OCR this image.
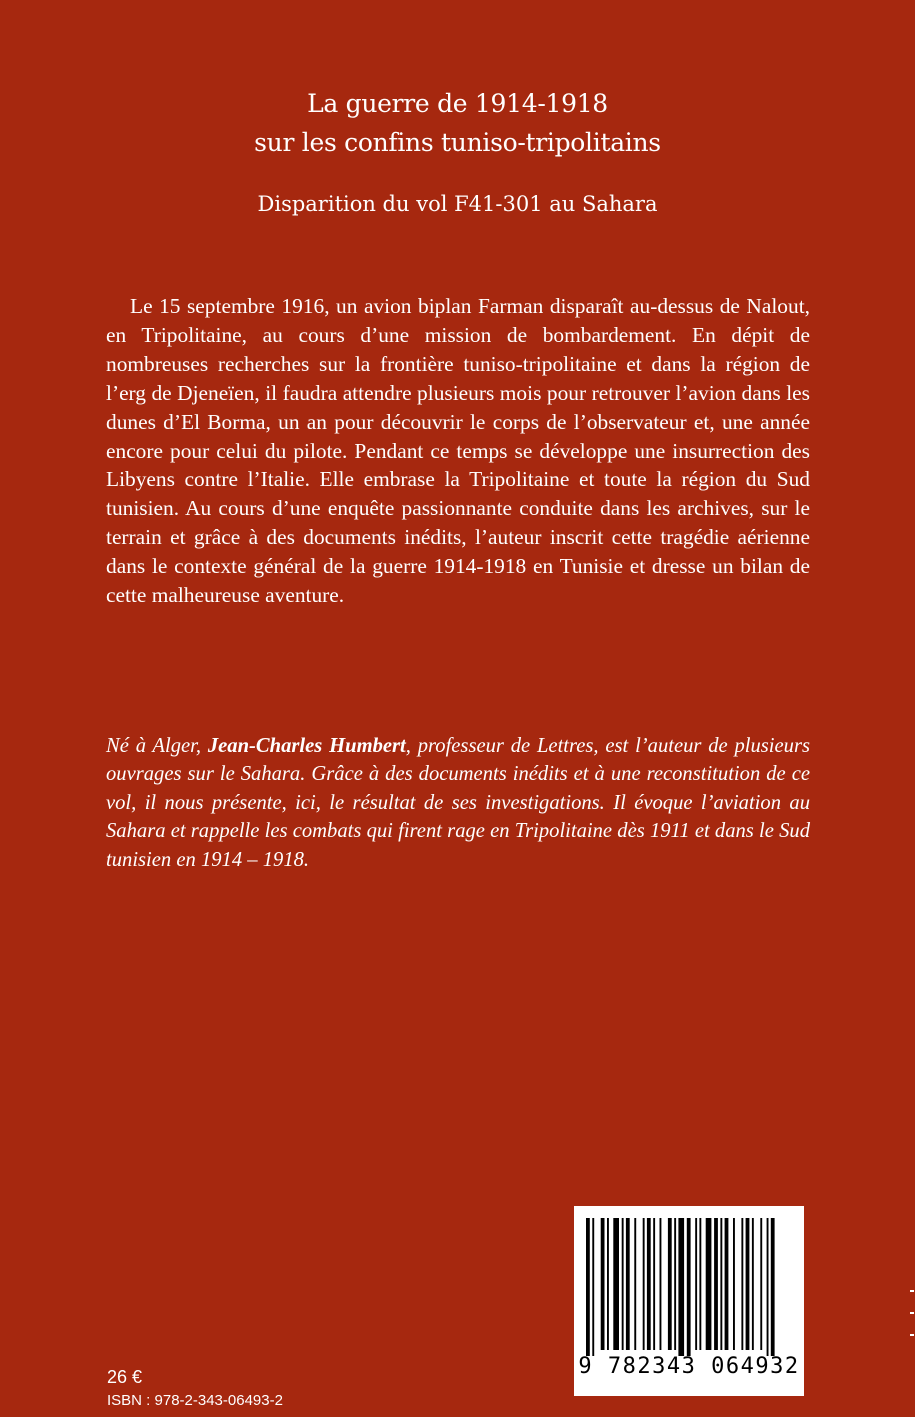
La guerre de 1914-1918
sur les confins tuniso-tripolitains
Disparition du vol F41-301 au Sahara

Le 15 septembre 1916, un avion biplan Farman disparaît au-dessus de Nalout, en Tripolitaine, au cours d’une mission de bombardement. En dépit de nombreuses recherches sur la frontière tuniso-tripolitaine et dans la région de l’erg de Djeneïen, il faudra attendre plusieurs mois pour retrouver l’avion dans les dunes d’El Borma, un an pour découvrir le corps de l’observateur et, une année encore pour celui du pilote. Pendant ce temps se développe une insurrection des Libyens contre l’Italie. Elle embrase la Tripolitaine et toute la région du Sud tunisien. Au cours d’une enquête passionnante conduite dans les archives, sur le terrain et grâce à des documents inédits, l’auteur inscrit cette tragédie aérienne dans le contexte général de la guerre 1914-1918 en Tunisie et dresse un bilan de cette malheureuse aventure.

Né à Alger, Jean-Charles Humbert, professeur de Lettres, est l’auteur de plusieurs ouvrages sur le Sahara. Grâce à des documents inédits et à une reconstitution de ce vol, il nous présente, ici, le résultat de ses investigations. Il évoque l’aviation au Sahara et rappelle les combats qui firent rage en Tripolitaine dès 1911 et dans le Sud tunisien en 1914 – 1918.

26 €
ISBN : 978-2-343-06493-2
9 782343 064932
